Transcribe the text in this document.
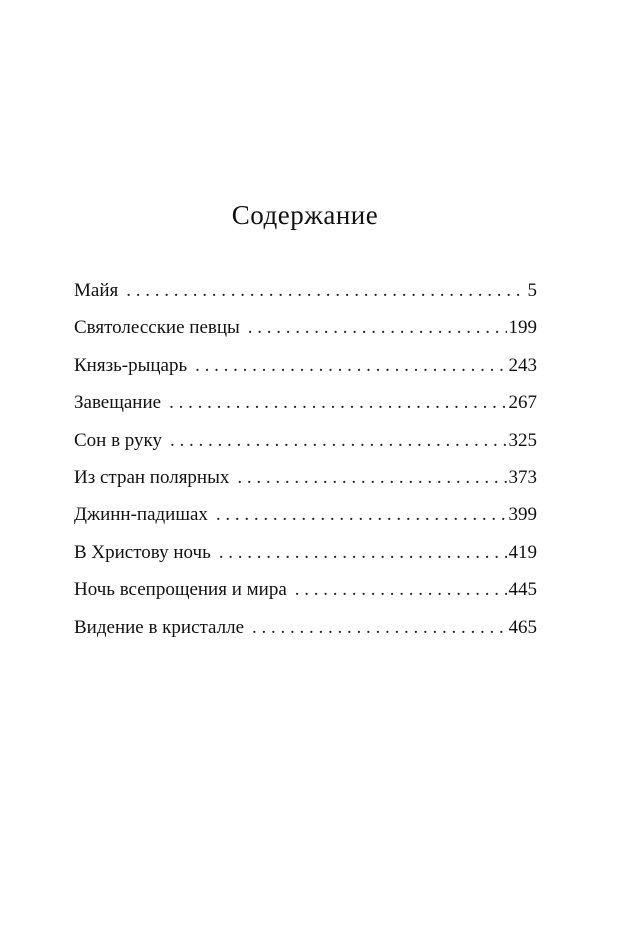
Содержание
Майя . . .	5
Святолесские певцы . . .	199
Князь-рыцарь . . .	243
Завещание . . .	267
Сон в руку . . .	325
Из стран полярных . . .	373
Джинн-падишах . . .	399
В Христову ночь . . .	419
Ночь всепрощения и мира . . .	445
Видение в кристалле . . .	465
